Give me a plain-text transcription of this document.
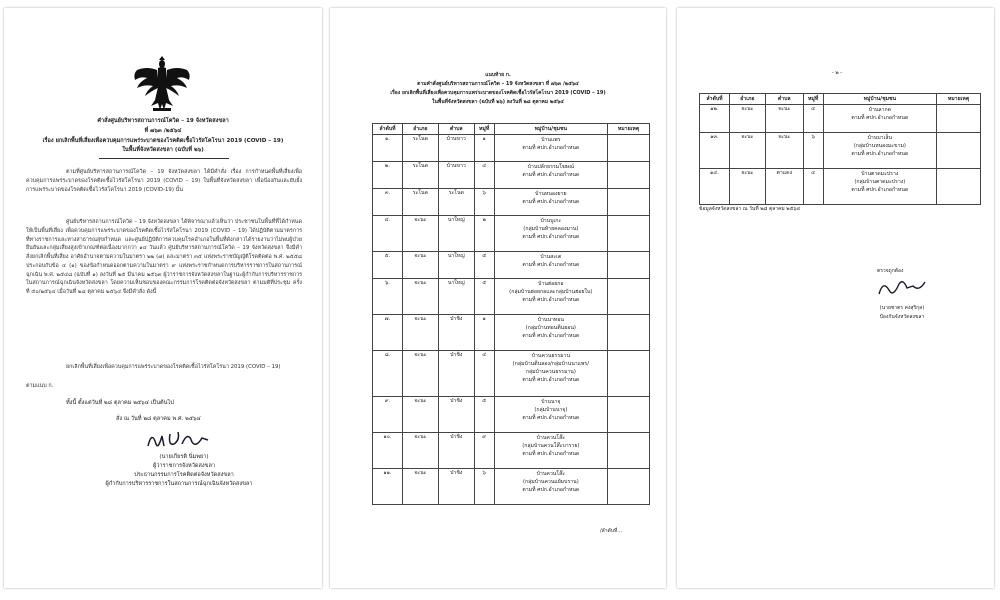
คำสั่งศูนย์บริหารสถานการณ์โควิด – 19 จังหวัดสงขลา
ที่ ๗๖๓ /๒๕๖๔
เรื่อง ยกเลิกพื้นที่เสี่ยงเพื่อควบคุมการแพร่ระบาดของโรคติดเชื้อไวรัสโคโรนา 2019 (COVID – 19)
ในพื้นที่จังหวัดสงขลา (ฉบับที่ ๒๖)
ตามที่ศูนย์บริหารสถานการณ์โควิด – 19 จังหวัดสงขลา ได้มีคำสั่ง เรื่อง การกำหนดพื้นที่เสี่ยงเพื่อควบคุมการแพร่ระบาดของโรคติดเชื้อไวรัสโคโรนา 2019 (COVID – 19) ในพื้นที่จังหวัดสงขลา เพื่อป้องกันและยับยั้งการแพร่ระบาดของโรคติดเชื้อไวรัสโคโรนา 2019 (COVID-19) นั้น
ศูนย์บริหารสถานการณ์โควิด – 19 จังหวัดสงขลา ได้พิจารณาแล้วเห็นว่า ประชาชนในพื้นที่ที่ได้กำหนดให้เป็นพื้นที่เสี่ยง เพื่อควบคุมการแพร่ระบาดของโรคติดเชื้อไวรัสโคโรนา 2019 (COVID – 19) ได้ปฏิบัติตามมาตรการที่ทางราชการและทางสาธารณสุขกำหนด และศูนย์ปฏิบัติการควบคุมโรคอำเภอในพื้นที่ดังกล่าวได้รายงานว่าไม่พบผู้ป่วยยืนยันและกลุ่มเสี่ยงสูงเข้าเกณฑ์ต่อเนื่องมากกว่า ๑๔ วันแล้ว ศูนย์บริหารสถานการณ์โควิด – 19 จังหวัดสงขลา จึงมีคำสั่งยกเลิกพื้นที่เสี่ยง อาศัยอำนาจตามความในมาตรา ๒๒ (๗) และมาตรา ๓๕ แห่งพระราชบัญญัติโรคติดต่อ พ.ศ. ๒๕๕๘ ประกอบกับข้อ ๔ (๑) ของข้อกำหนดออกตามความในมาตรา ๙ แห่งพระราชกำหนดการบริหารราชการในสถานการณ์ฉุกเฉิน พ.ศ. ๒๕๔๘ (ฉบับที่ ๑) ลงวันที่ ๒๕ มีนาคม ๒๕๖๓ ผู้ว่าราชการจังหวัดสงขลาในฐานะผู้กำกับการบริหารราชการในสถานการณ์ฉุกเฉินจังหวัดสงขลา โดยความเห็นชอบของคณะกรรมการโรคติดต่อจังหวัดสงขลา ตามมติที่ประชุม ครั้งที่ ๕๐/๒๕๖๔ เมื่อวันที่ ๒๘ ตุลาคม ๒๕๖๔ จึงมีคำสั่ง ดังนี้
ยกเลิกพื้นที่เสี่ยงเพื่อควบคุมการแพร่ระบาดของโรคติดเชื้อไวรัสโคโรนา 2019 (COVID – 19)
ตามแนบ ก.
ทั้งนี้ ตั้งแต่วันที่ ๒๘ ตุลาคม ๒๕๖๔ เป็นต้นไป
สั่ง ณ วันที่ ๒๘ ตุลาคม พ.ศ. ๒๕๖๔
(นายเกียรติ นิ่มพยา)
ผู้ว่าราชการจังหวัดสงขลา
ประธานกรรมการโรคติดต่อจังหวัดสงขลา
ผู้กำกับการบริหารราชการในสถานการณ์ฉุกเฉินจังหวัดสงขลา
แนบท้าย ก.
ตามคำสั่งศูนย์บริหารสถานการณ์โควิด – 19 จังหวัดสงขลา ที่ ๗๖๓ /๒๕๖๔
เรื่อง ยกเลิกพื้นที่เสี่ยงเพื่อควบคุมการแพร่ระบาดของโรคติดเชื้อไวรัสโคโรนา 2019 (COVID – 19)
ในพื้นที่จังหวัดสงขลา (ฉบับที่ ๒๖) ลงวันที่ ๒๘ ตุลาคม ๒๕๖๔
ลำดับที่	อำเภอ	ตำบล	หมู่ที่	หมู่บ้าน/ชุมชน	หมายเหตุ
๑.	ระโนด	บ้านขาว	๑	บ้านแพร
ตามที่ ศปก.อำเภอกำหนด	

๒.	ระโนด	บ้านขาว	๔	บ้านปลักธรรมโฆษณ์
ตามที่ ศปก.อำเภอกำหนด	

๓.	ระโนด	ระโนด	๖	บ้านหนองยาย
ตามที่ ศปก.อำเภอกำหนด	

๔.	จะนะ	นาใหญ่	๒	บ้านบูเกะ
(กลุ่มบ้านท้ายคลองมาน)
ตามที่ ศปก.อำเภอกำหนด	

๕.	จะนะ	นาใหญ่	๕	บ้านสะเต
ตามที่ ศปก.อำเภอกำหนด	

๖.	จะนะ	นาใหญ่	๕	บ้านฮ่อยกอ
(กลุ่มบ้านฮ่อยกอและกลุ่มบ้านฮ่อยใน)
ตามที่ ศปก.อำเภอกำหนด	

๗.	จะนะ	ป่าชิง	๑	บ้านนาทอน
(กลุ่มบ้านทอนตีนยอน)
ตามที่ ศปก.อำเภอกำหนด	

๘.	จะนะ	ป่าชิง	๔	บ้านควนธรรมาน
(กลุ่มบ้านตีนลอง/กลุ่มบ้านนาแพร/
กลุ่มบ้านควนธรรมาน)
ตามที่ ศปก.อำเภอกำหนด	

๙.	จะนะ	ป่าชิง	๕	บ้านนาจุ
(กลุ่มบ้านนาจุ)
ตามที่ ศปก.อำเภอกำหนด	

๑๐.	จะนะ	ป่าชิง	๙	บ้านควนโส๊ะ
(กลุ่มบ้านควนโส๊ะบาราย)
ตามที่ ศปก.อำเภอกำหนด	

๑๑.	จะนะ	ป่าชิง	๖	บ้านควนโส๊ะ
(กลุ่มบ้านควนแย้มบราน)
ตามที่ ศปก.อำเภอกำหนด	

/ลำดับที่...
- ๒ -
ลำดับที่	อำเภอ	ตำบล	หมู่ที่	หมู่บ้าน/ชุมชน	หมายเหตุ
๑๒.	จะนะ	จะนะ	๔	บ้านลากด
ตามที่ ศปก.อำเภอกำหนด	

๑๓.	จะนะ	จะนะ	๖	บ้านบาเส็น
(กลุ่มบ้านหนองมะขาม)
ตามที่ ศปก.อำเภอกำหนด	

๑๔.	จะนะ	ตาแดง	๔	บ้านตาดมะปราง
(กลุ่มบ้านตาดมะปราง)
ตามที่ ศปก.อำเภอกำหนด	

ข้อมูลจังหวัดสงขลา ณ วันที่ ๒๘ ตุลาคม ๒๕๖๔
ตรวจถูกต้อง
(นายชาตร คงสุริกุล)
ป้องกันจังหวัดสงขลา
